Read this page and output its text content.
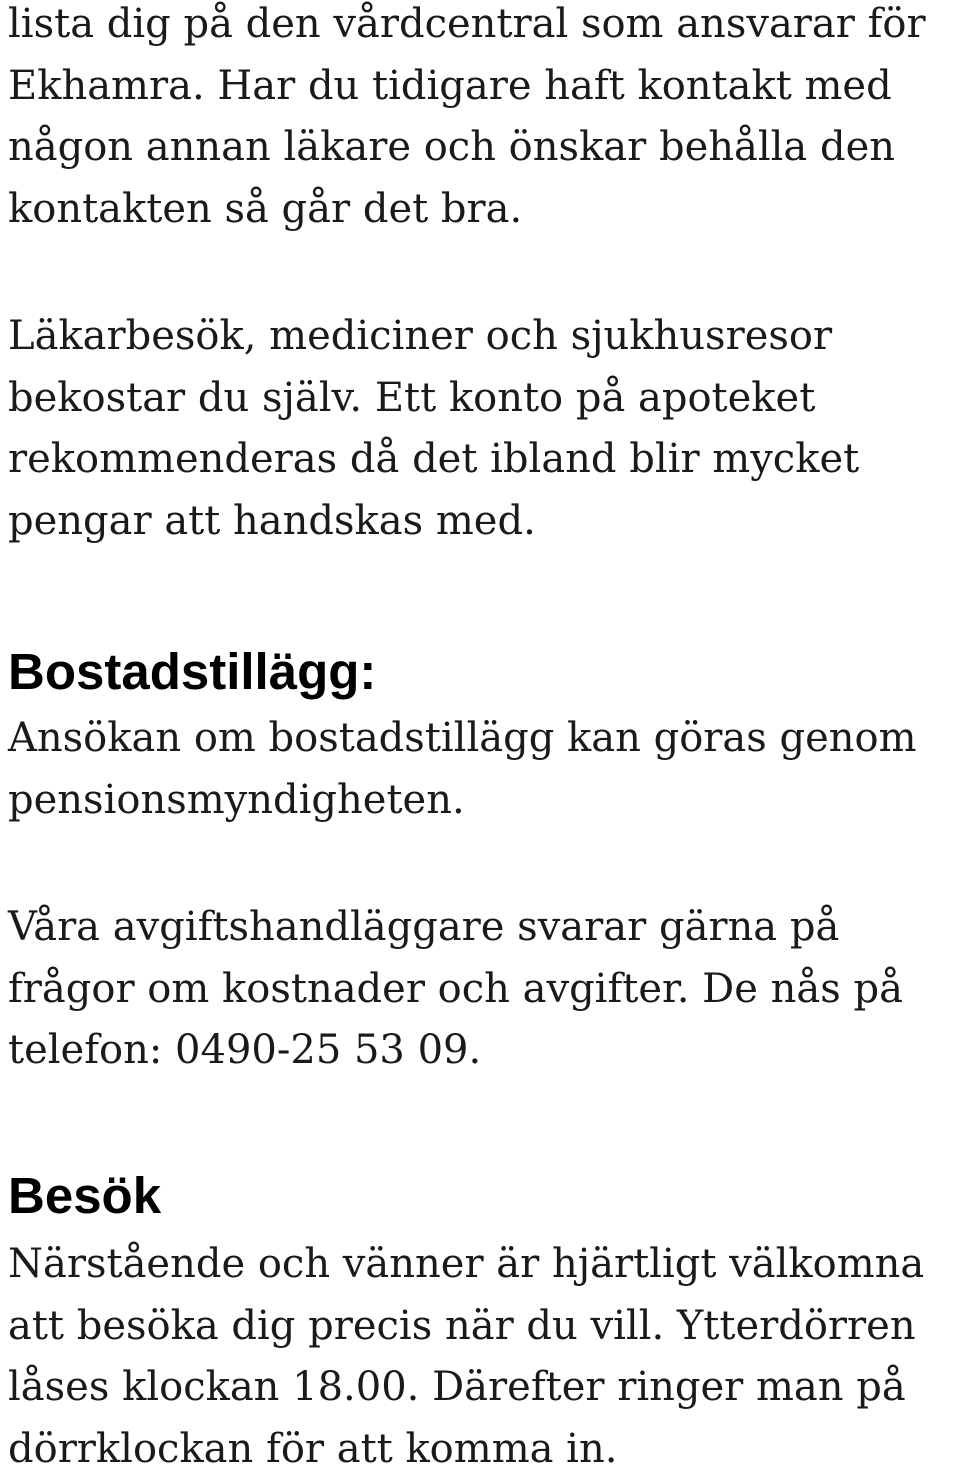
lista dig på den vårdcentral som ansvarar för
Ekhamra. Har du tidigare haft kontakt med
någon annan läkare och önskar behålla den
kontakten så går det bra.

Läkarbesök, mediciner och sjukhusresor
bekostar du själv. Ett konto på apoteket
rekommenderas då det ibland blir mycket
pengar att handskas med.

Bostadstillägg:

Ansökan om bostadstillägg kan göras genom
pensionsmyndigheten.

Våra avgiftshandläggare svarar gärna på
frågor om kostnader och avgifter. De nås på
telefon: 0490-25 53 09.

Besök

Närstående och vänner är hjärtligt välkomna
att besöka dig precis när du vill. Ytterdörren
låses klockan 18.00. Därefter ringer man på
dörrklockan för att komma in.
